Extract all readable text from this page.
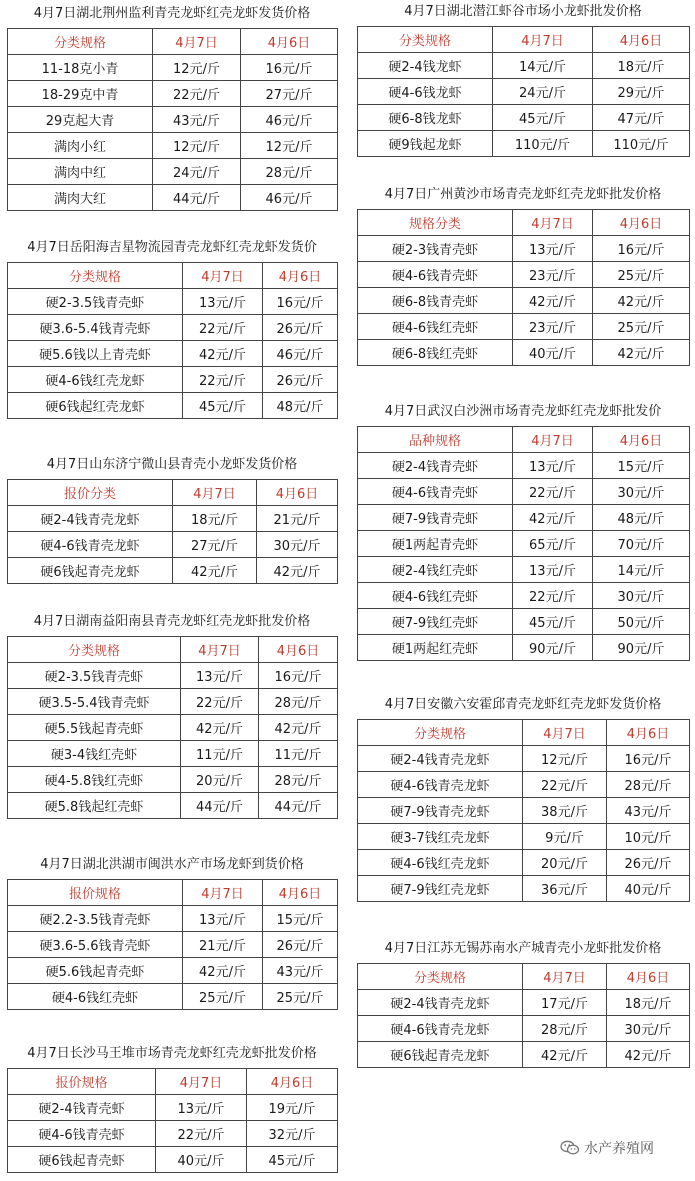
4月7日湖北荆州监利青壳龙虾红壳龙虾发货价格
分类规格	4月7日	4月6日
11-18克小青	12元/斤	16元/斤
18-29克中青	22元/斤	27元/斤
29克起大青	43元/斤	46元/斤
满肉小红	12元/斤	12元/斤
满肉中红	24元/斤	28元/斤
满肉大红	44元/斤	46元/斤
4月7日岳阳海吉星物流园青壳龙虾红壳龙虾发货价
分类规格	4月7日	4月6日
硬2-3.5钱青壳虾	13元/斤	16元/斤
硬3.6-5.4钱青壳虾	22元/斤	26元/斤
硬5.6钱以上青壳虾	42元/斤	46元/斤
硬4-6钱红壳龙虾	22元/斤	26元/斤
硬6钱起红壳龙虾	45元/斤	48元/斤
4月7日山东济宁微山县青壳小龙虾发货价格
报价分类	4月7日	4月6日
硬2-4钱青壳龙虾	18元/斤	21元/斤
硬4-6钱青壳龙虾	27元/斤	30元/斤
硬6钱起青壳龙虾	42元/斤	42元/斤
4月7日湖南益阳南县青壳龙虾红壳龙虾批发价格
分类规格	4月7日	4月6日
硬2-3.5钱青壳虾	13元/斤	16元/斤
硬3.5-5.4钱青壳虾	22元/斤	28元/斤
硬5.5钱起青壳虾	42元/斤	42元/斤
硬3-4钱红壳虾	11元/斤	11元/斤
硬4-5.8钱红壳虾	20元/斤	28元/斤
硬5.8钱起红壳虾	44元/斤	44元/斤
4月7日湖北洪湖市闽洪水产市场龙虾到货价格
报价规格	4月7日	4月6日
硬2.2-3.5钱青壳虾	13元/斤	15元/斤
硬3.6-5.6钱青壳虾	21元/斤	26元/斤
硬5.6钱起青壳虾	42元/斤	43元/斤
硬4-6钱红壳虾	25元/斤	25元/斤
4月7日长沙马王堆市场青壳龙虾红壳龙虾批发价格
报价规格	4月7日	4月6日
硬2-4钱青壳虾	13元/斤	19元/斤
硬4-6钱青壳虾	22元/斤	32元/斤
硬6钱起青壳虾	40元/斤	45元/斤
4月7日湖北潜江虾谷市场小龙虾批发价格
分类规格	4月7日	4月6日
硬2-4钱龙虾	14元/斤	18元/斤
硬4-6钱龙虾	24元/斤	29元/斤
硬6-8钱龙虾	45元/斤	47元/斤
硬9钱起龙虾	110元/斤	110元/斤
4月7日广州黄沙市场青壳龙虾红壳龙虾批发价格
规格分类	4月7日	4月6日
硬2-3钱青壳虾	13元/斤	16元/斤
硬4-6钱青壳虾	23元/斤	25元/斤
硬6-8钱青壳虾	42元/斤	42元/斤
硬4-6钱红壳虾	23元/斤	25元/斤
硬6-8钱红壳虾	40元/斤	42元/斤
4月7日武汉白沙洲市场青壳龙虾红壳龙虾批发价
品种规格	4月7日	4月6日
硬2-4钱青壳虾	13元/斤	15元/斤
硬4-6钱青壳虾	22元/斤	30元/斤
硬7-9钱青壳虾	42元/斤	48元/斤
硬1两起青壳虾	65元/斤	70元/斤
硬2-4钱红壳虾	13元/斤	14元/斤
硬4-6钱红壳虾	22元/斤	30元/斤
硬7-9钱红壳虾	45元/斤	50元/斤
硬1两起红壳虾	90元/斤	90元/斤
4月7日安徽六安霍邱青壳龙虾红壳龙虾发货价格
分类规格	4月7日	4月6日
硬2-4钱青壳龙虾	12元/斤	16元/斤
硬4-6钱青壳龙虾	22元/斤	28元/斤
硬7-9钱青壳龙虾	38元/斤	43元/斤
硬3-7钱红壳龙虾	9元/斤	10元/斤
硬4-6钱红壳龙虾	20元/斤	26元/斤
硬7-9钱红壳龙虾	36元/斤	40元/斤
4月7日江苏无锡苏南水产城青壳小龙虾批发价格
分类规格	4月7日	4月6日
硬2-4钱青壳龙虾	17元/斤	18元/斤
硬4-6钱青壳龙虾	28元/斤	30元/斤
硬6钱起青壳龙虾	42元/斤	42元/斤
水产养殖网
